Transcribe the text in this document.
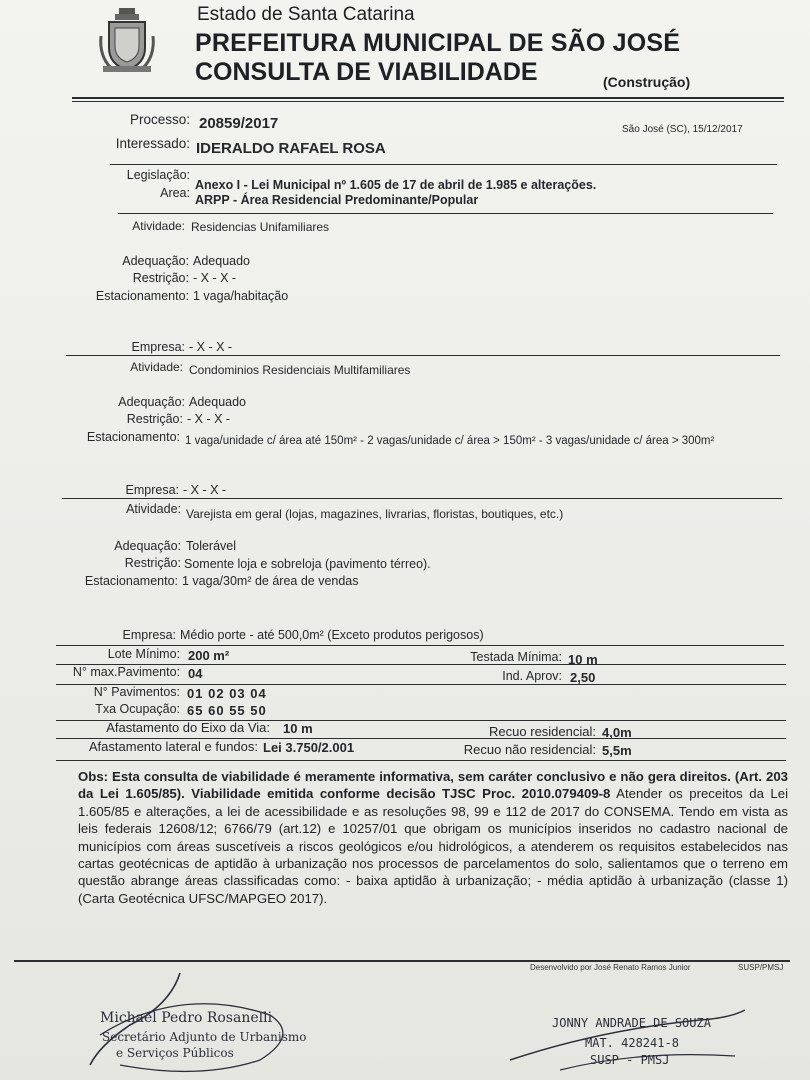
Estado de Santa Catarina
PREFEITURA MUNICIPAL DE SÃO JOSÉ
CONSULTA DE VIABILIDADE	(Construção)
Processo: 20859/2017	São José (SC), 15/12/2017
Interessado: IDERALDO RAFAEL ROSA
Legislação:
Anexo I - Lei Municipal nº 1.605 de 17 de abril de 1.985 e alterações.
Area: ARPP - Área Residencial Predominante/Popular
Atividade: Residencias Unifamiliares
Adequação: Adequado
Restrição: - X - X -
Estacionamento: 1 vaga/habitação
Empresa: - X - X -
Atividade: Condominios Residenciais Multifamiliares
Adequação: Adequado
Restrição: - X - X -
Estacionamento: 1 vaga/unidade c/ área até 150m² - 2 vagas/unidade c/ área > 150m² - 3 vagas/unidade c/ área > 300m²
Empresa: - X - X -
Atividade: Varejista em geral (lojas, magazines, livrarias, floristas, boutiques, etc.)
Adequação: Tolerável
Restrição: Somente loja e sobreloja (pavimento térreo).
Estacionamento: 1 vaga/30m² de área de vendas
Empresa: Médio porte - até 500,0m² (Exceto produtos perigosos)
Lote Mínimo: 200 m²	Testada Mínima: 10 m
N° max.Pavimento: 04	Ind. Aprov: 2,50
N° Pavimentos: 01 02 03 04
Txa Ocupação: 65 60 55 50
Afastamento do Eixo da Via: 10 m	Recuo residencial: 4,0m
Afastamento lateral e fundos: Lei 3.750/2.001	Recuo não residencial: 5,5m
Obs: Esta consulta de viabilidade é meramente informativa, sem caráter conclusivo e não gera direitos. (Art. 203 da Lei 1.605/85). Viabilidade emitida conforme decisão TJSC Proc. 2010.079409-8 Atender os preceitos da Lei 1.605/85 e alterações, a lei de acessibilidade e as resoluções 98, 99 e 112 de 2017 do CONSEMA. Tendo em vista as leis federais 12608/12; 6766/79 (art.12) e 10257/01 que obrigam os municípios inseridos no cadastro nacional de municípios com áreas suscetíveis a riscos geológicos e/ou hidrológicos, a atenderem os requisitos estabelecidos nas cartas geotécnicas de aptidão à urbanização nos processos de parcelamentos do solo, salientamos que o terreno em questão abrange áreas classificadas como: - baixa aptidão à urbanização; - média aptidão à urbanização (classe 1)(Carta Geotécnica UFSC/MAPGEO 2017).
Desenvolvido por José Renato Ramos Junior	SUSP/PMSJ
Michael Pedro Rosanelli
Secretário Adjunto de Urbanismo
e Serviços Públicos
JONNY ANDRADE DE SOUZA
MAT. 428241-8
SUSP - PMSJ
